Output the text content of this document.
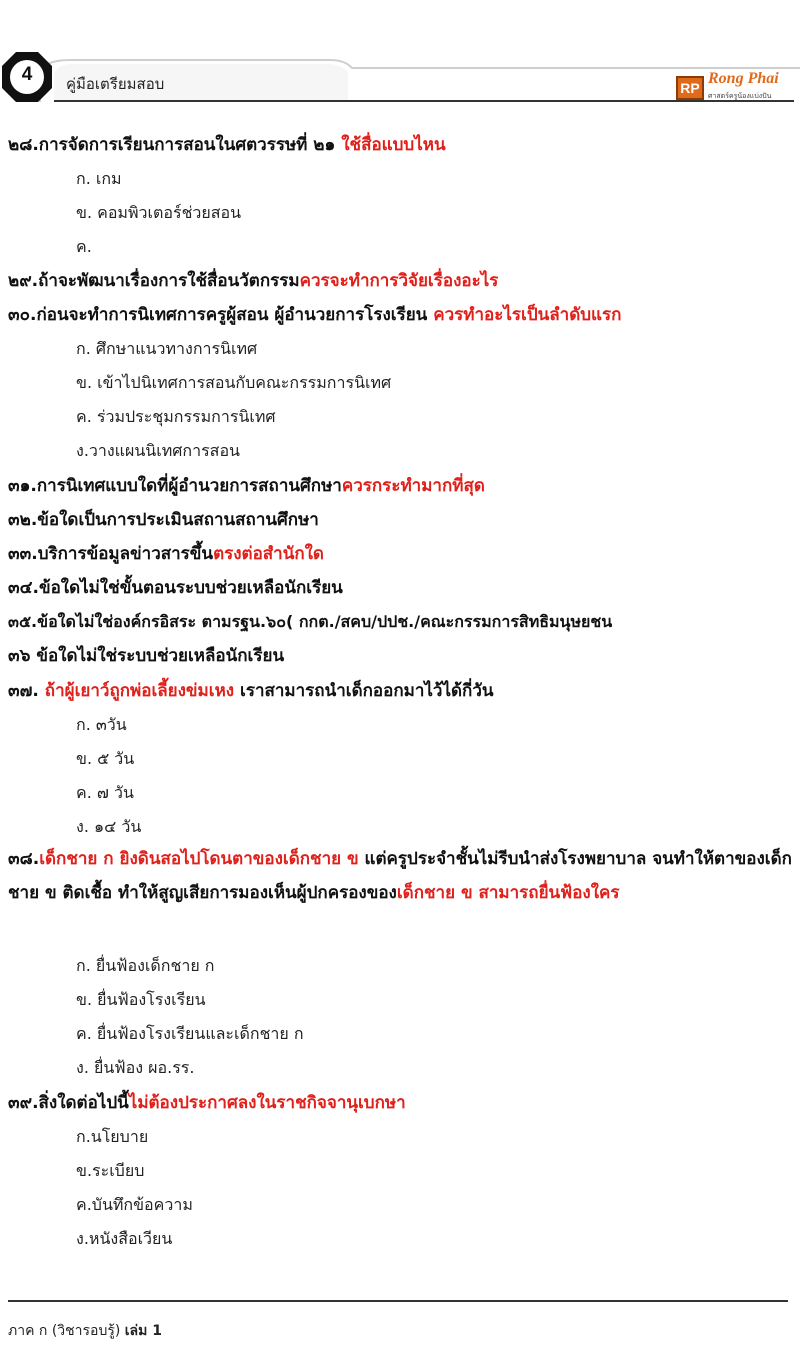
4	คู่มือเตรียมสอบ	RP
Rong Phai
ศาสตร์ครูน้องแบ่งปัน
๒๘.การจัดการเรียนการสอนในศตวรรษที่ ๒๑ ใช้สื่อแบบไหน
ก. เกม
ข. คอมพิวเตอร์ช่วยสอน
ค.
๒๙.ถ้าจะพัฒนาเรื่องการใช้สื่อนวัตกรรมควรจะทำการวิจัยเรื่องอะไร
๓๐.ก่อนจะทำการนิเทศการครูผู้สอน ผู้อำนวยการโรงเรียน ควรทำอะไรเป็นลำดับแรก
ก. ศึกษาแนวทางการนิเทศ
ข. เข้าไปนิเทศการสอนกับคณะกรรมการนิเทศ
ค. ร่วมประชุมกรรมการนิเทศ
ง.วางแผนนิเทศการสอน
๓๑.การนิเทศแบบใดที่ผู้อำนวยการสถานศึกษาควรกระทำมากที่สุด
๓๒.ข้อใดเป็นการประเมินสถานสถานศึกษา
๓๓.บริการข้อมูลข่าวสารขึ้นตรงต่อสำนักใด
๓๔.ข้อใดไม่ใช่ขั้นตอนระบบช่วยเหลือนักเรียน
๓๕.ข้อใดไม่ใช่องค์กรอิสระ ตามรฐน.๖๐( กกต./สคบ/ปปช./คณะกรรมการสิทธิมนุษยชน
๓๖ ข้อใดไม่ใช่ระบบช่วยเหลือนักเรียน
๓๗. ถ้าผู้เยาว์ถูกพ่อเลี้ยงข่มเหง เราสามารถนำเด็กออกมาไว้ได้กี่วัน
ก. ๓วัน
ข. ๕ วัน
ค. ๗ วัน
ง. ๑๔ วัน
๓๘.เด็กชาย ก ยิงดินสอไปโดนตาของเด็กชาย ข แต่ครูประจำชั้นไม่รีบนำส่งโรงพยาบาล จนทำให้ตาของเด็กชาย ข ติดเชื้อ ทำให้สูญเสียการมองเห็นผู้ปกครองของเด็กชาย ข สามารถยื่นฟ้องใคร
ก. ยื่นฟ้องเด็กชาย ก
ข. ยื่นฟ้องโรงเรียน
ค. ยื่นฟ้องโรงเรียนและเด็กชาย ก
ง. ยื่นฟ้อง ผอ.รร.
๓๙.สิ่งใดต่อไปนี้ไม่ต้องประกาศลงในราชกิจจานุเบกษา
ก.นโยบาย
ข.ระเบียบ
ค.บันทึกข้อความ
ง.หนังสือเวียน
ภาค ก (วิชารอบรู้) เล่ม 1
